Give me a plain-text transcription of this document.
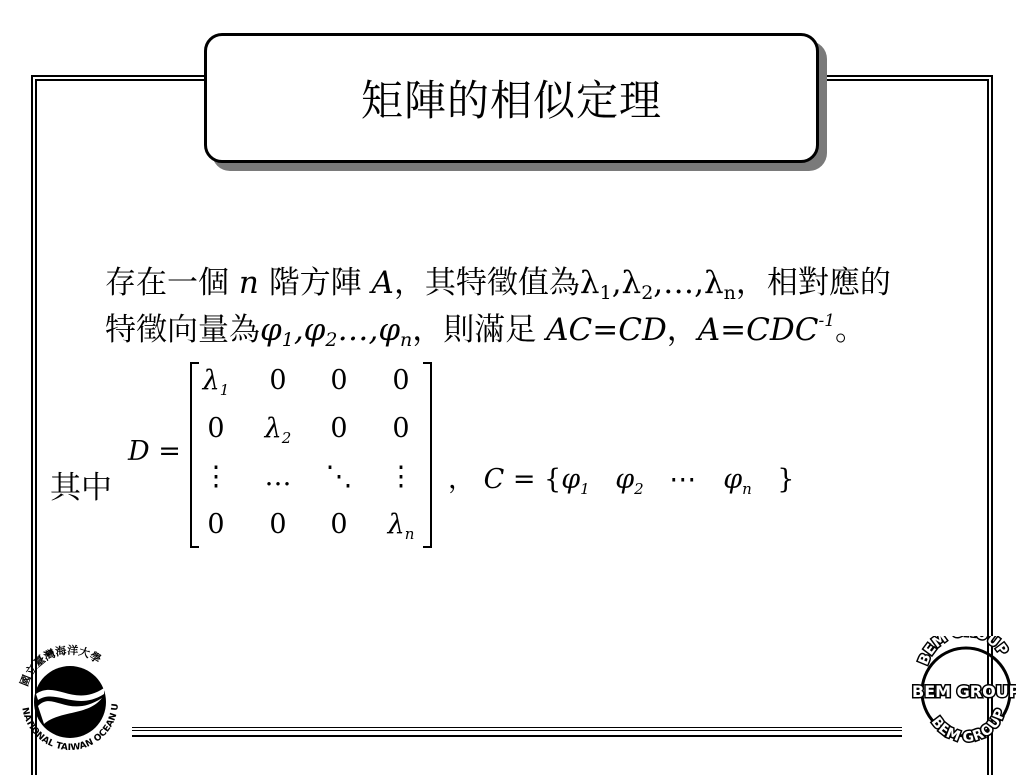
矩陣的相似定理
存在一個 n 階方陣 A，其特徵值為$\lambda_1,\lambda_2,\dots,\lambda_n$，相對應的
特徵向量為$\varphi_1,\varphi_2\dots,\varphi_n$，則滿足 AC=CD，$A=CDC^{-1}$。
其中
D =
$\lambda_1$	0	0	0
0	$\lambda_2$	0	0
⋮	…	⋱	⋮
0	0	0	$\lambda_n$
， $C = \{\varphi_1$ $\varphi_2$ ⋯ $\varphi_n$ }
國立臺灣海洋大學
NATIONAL TAIWAN OCEAN U
BEM UP
BEM GROUP
BEM GROUP
